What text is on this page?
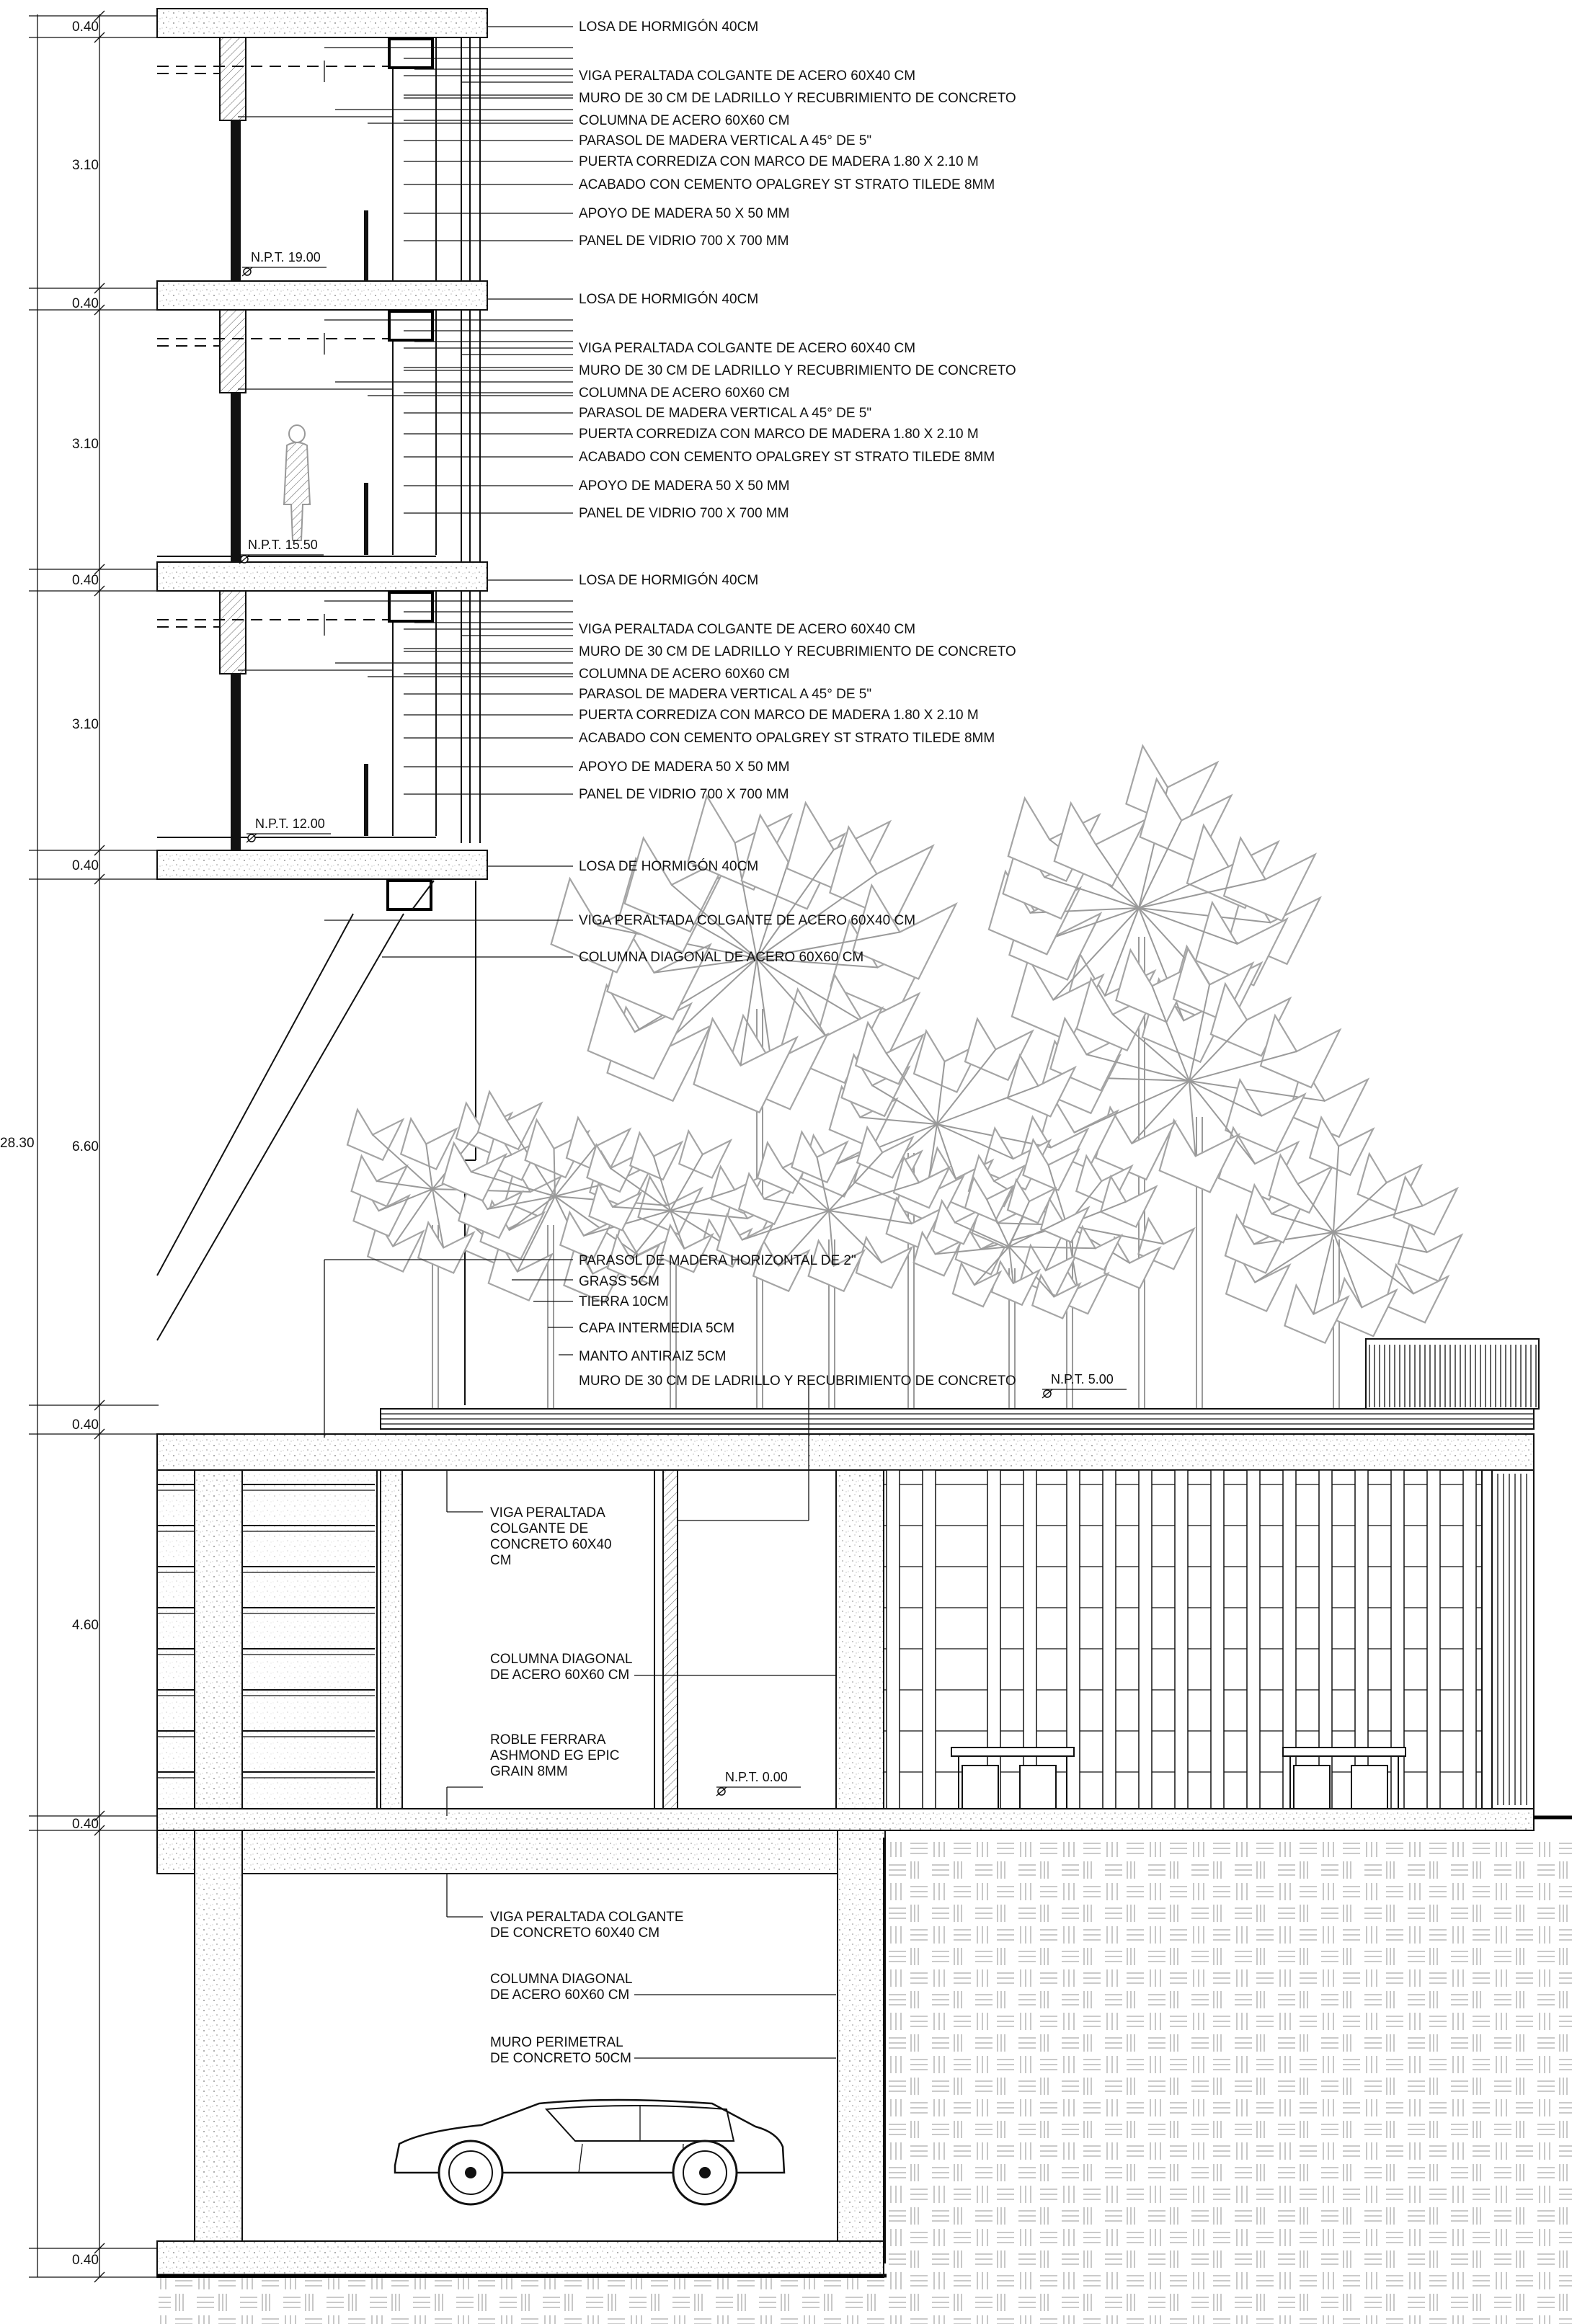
0.40
3.10
0.40
3.10
0.40
3.10
0.40
6.60
0.40
4.60
0.40
0.40
28.30
LOSA DE HORMIGÓN 40CM
VIGA PERALTADA COLGANTE DE ACERO 60X40 CM
MURO DE 30 CM DE LADRILLO Y RECUBRIMIENTO DE CONCRETO
COLUMNA DE ACERO 60X60 CM
PARASOL DE MADERA VERTICAL A 45° DE 5"
PUERTA CORREDIZA CON MARCO DE MADERA 1.80 X 2.10 M
ACABADO CON CEMENTO OPALGREY ST STRATO TILEDE 8MM
APOYO DE MADERA 50 X 50 MM
PANEL DE VIDRIO 700 X 700 MM
LOSA DE HORMIGÓN 40CM
VIGA PERALTADA COLGANTE DE ACERO 60X40 CM
MURO DE 30 CM DE LADRILLO Y RECUBRIMIENTO DE CONCRETO
COLUMNA DE ACERO 60X60 CM
PARASOL DE MADERA VERTICAL A 45° DE 5"
PUERTA CORREDIZA CON MARCO DE MADERA 1.80 X 2.10 M
ACABADO CON CEMENTO OPALGREY ST STRATO TILEDE 8MM
APOYO DE MADERA 50 X 50 MM
PANEL DE VIDRIO 700 X 700 MM
LOSA DE HORMIGÓN 40CM
VIGA PERALTADA COLGANTE DE ACERO 60X40 CM
MURO DE 30 CM DE LADRILLO Y RECUBRIMIENTO DE CONCRETO
COLUMNA DE ACERO 60X60 CM
PARASOL DE MADERA VERTICAL A 45° DE 5"
PUERTA CORREDIZA CON MARCO DE MADERA 1.80 X 2.10 M
ACABADO CON CEMENTO OPALGREY ST STRATO TILEDE 8MM
APOYO DE MADERA 50 X 50 MM
PANEL DE VIDRIO 700 X 700 MM
LOSA DE HORMIGÓN 40CM
VIGA PERALTADA COLGANTE DE ACERO 60X40 CM
COLUMNA DIAGONAL DE ACERO 60X60 CM
PARASOL DE MADERA HORIZONTAL DE 2"
GRASS 5CM
TIERRA 10CM
CAPA INTERMEDIA 5CM
MANTO ANTIRAIZ 5CM
MURO DE 30 CM DE LADRILLO Y RECUBRIMIENTO DE CONCRETO
VIGA PERALTADA
COLGANTE DE
CONCRETO 60X40
CM
COLUMNA DIAGONAL
DE ACERO 60X60 CM
ROBLE FERRARA
ASHMOND EG EPIC
GRAIN 8MM
VIGA PERALTADA COLGANTE
DE CONCRETO 60X40 CM
COLUMNA DIAGONAL
DE ACERO 60X60 CM
MURO PERIMETRAL
DE CONCRETO 50CM
N.P.T. 19.00
N.P.T. 15.50
N.P.T. 12.00
N.P.T. 5.00
N.P.T. 0.00
